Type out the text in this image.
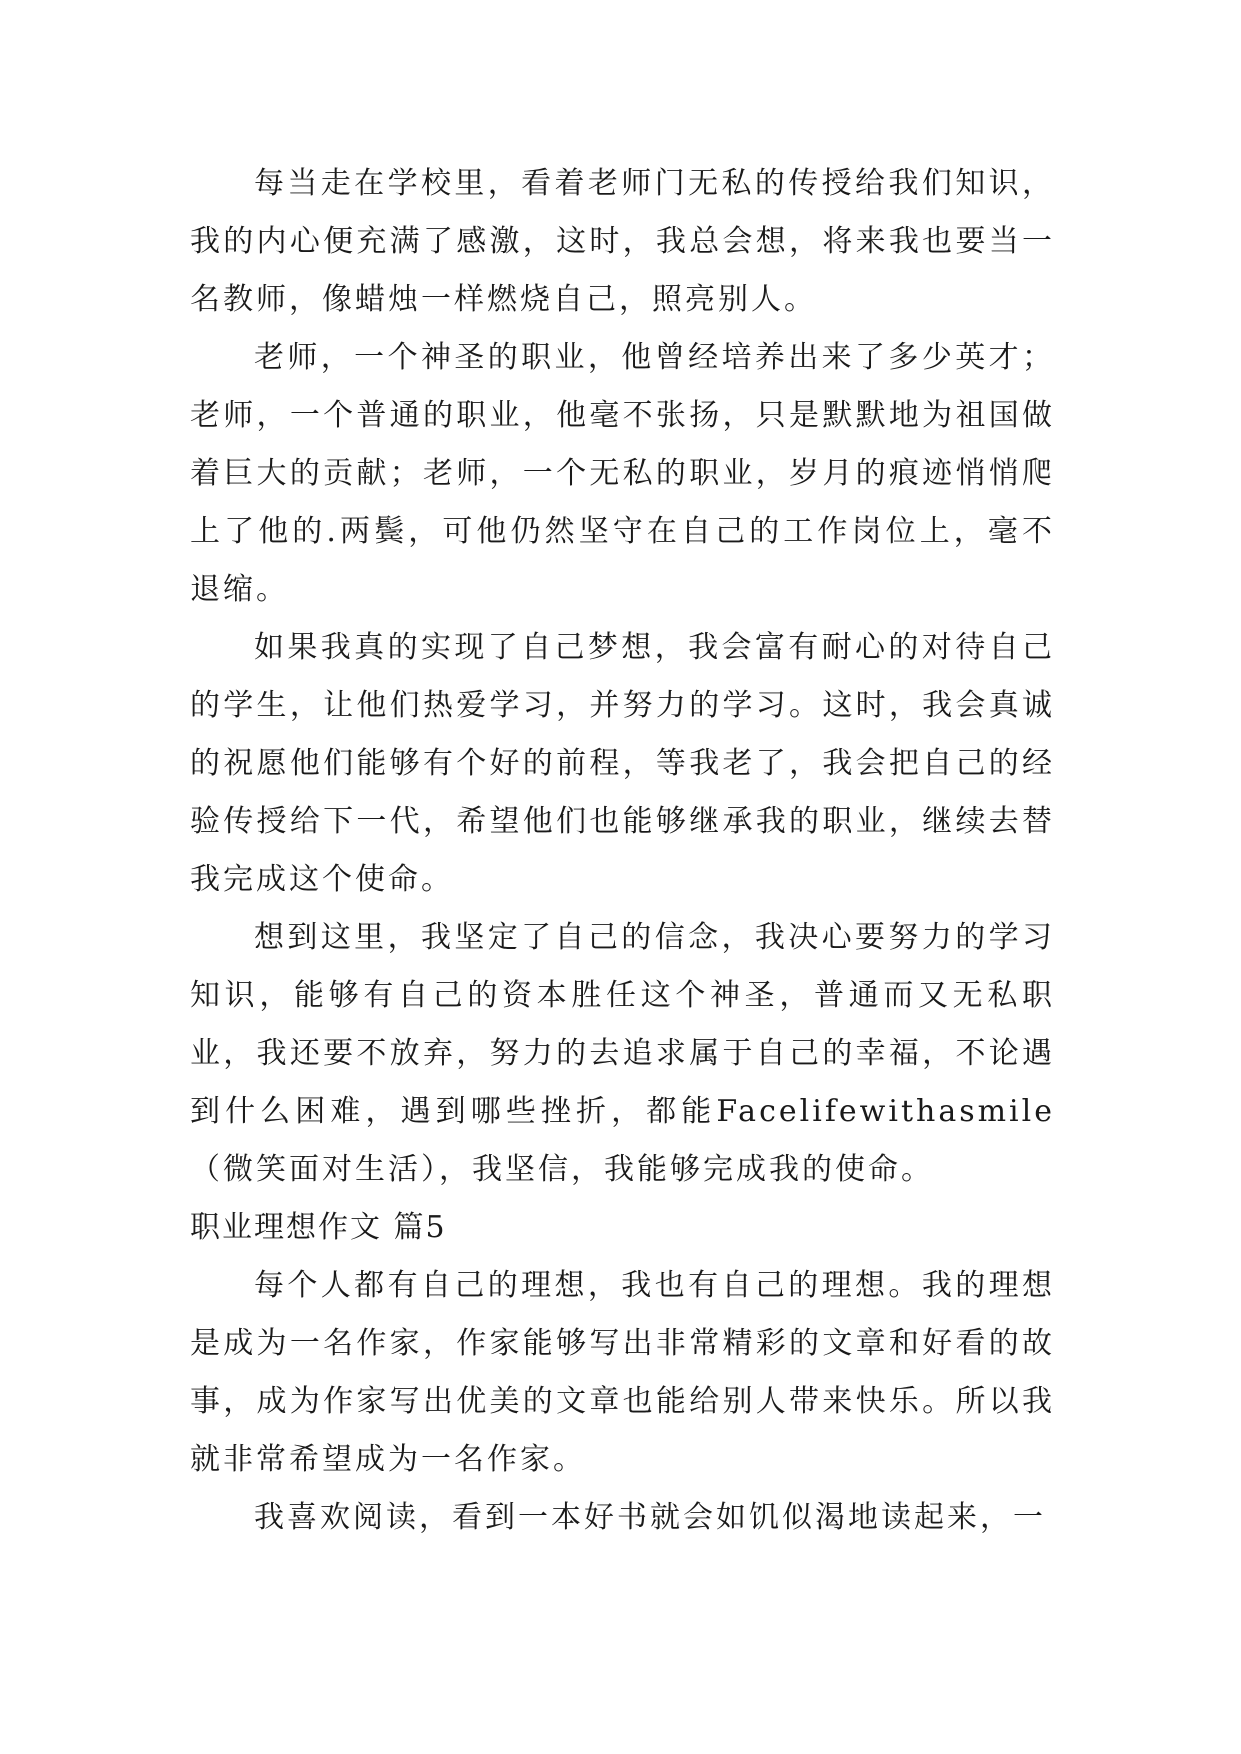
每当走在学校里，看着老师门无私的传授给我们知识，我的内心便充满了感激，这时，我总会想，将来我也要当一名教师，像蜡烛一样燃烧自己，照亮别人。

老师，一个神圣的职业，他曾经培养出来了多少英才；老师，一个普通的职业，他毫不张扬，只是默默地为祖国做着巨大的贡献；老师，一个无私的职业，岁月的痕迹悄悄爬上了他的.两鬓，可他仍然坚守在自己的工作岗位上，毫不退缩。

如果我真的实现了自己梦想，我会富有耐心的对待自己的学生，让他们热爱学习，并努力的学习。这时，我会真诚的祝愿他们能够有个好的前程，等我老了，我会把自己的经验传授给下一代，希望他们也能够继承我的职业，继续去替我完成这个使命。

想到这里，我坚定了自己的信念，我决心要努力的学习知识，能够有自己的资本胜任这个神圣，普通而又无私职业，我还要不放弃，努力的去追求属于自己的幸福，不论遇到什么困难，遇到哪些挫折，都能Facelifewithasmile（微笑面对生活），我坚信，我能够完成我的使命。

职业理想作文 篇5

每个人都有自己的理想，我也有自己的理想。我的理想是成为一名作家，作家能够写出非常精彩的文章和好看的故事，成为作家写出优美的文章也能给别人带来快乐。所以我就非常希望成为一名作家。

我喜欢阅读，看到一本好书就会如饥似渴地读起来，一
